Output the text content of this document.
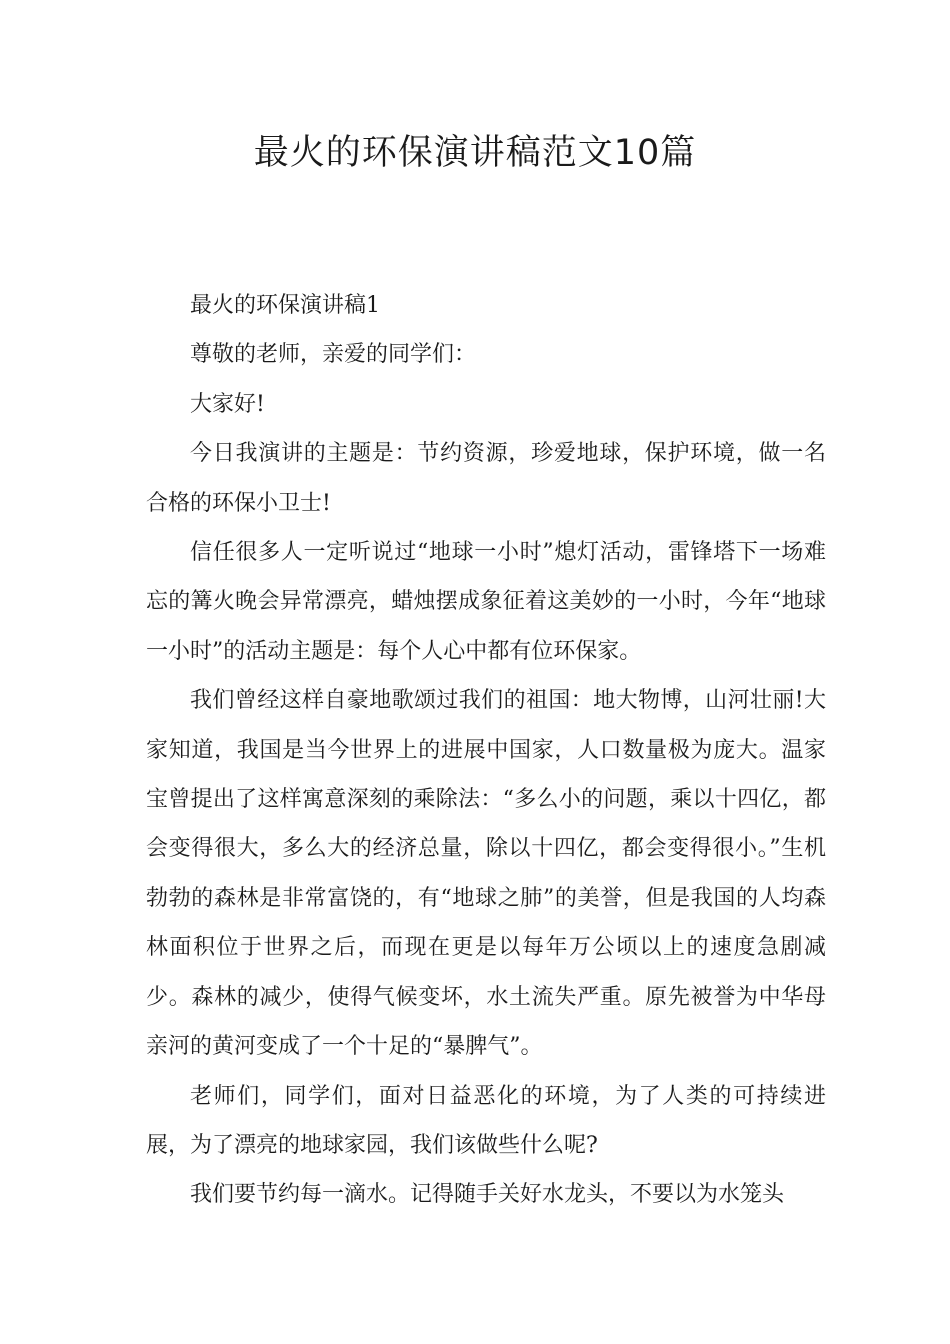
最火的环保演讲稿范文10篇

最火的环保演讲稿1

尊敬的老师，亲爱的同学们：

大家好!

今日我演讲的主题是：节约资源，珍爱地球，保护环境，做一名合格的环保小卫士!

信任很多人一定听说过“地球一小时”熄灯活动，雷锋塔下一场难忘的篝火晚会异常漂亮，蜡烛摆成象征着这美妙的一小时，今年“地球一小时”的活动主题是：每个人心中都有位环保家。

我们曾经这样自豪地歌颂过我们的祖国：地大物博，山河壮丽!大家知道，我国是当今世界上的进展中国家，人口数量极为庞大。温家宝曾提出了这样寓意深刻的乘除法：“多么小的问题，乘以十四亿，都会变得很大，多么大的经济总量，除以十四亿，都会变得很小。”生机勃勃的森林是非常富饶的，有“地球之肺”的美誉，但是我国的人均森林面积位于世界之后，而现在更是以每年万公顷以上的速度急剧减少。森林的减少，使得气候变坏，水土流失严重。原先被誉为中华母亲河的黄河变成了一个十足的“暴脾气”。

老师们，同学们，面对日益恶化的环境，为了人类的可持续进展，为了漂亮的地球家园，我们该做些什么呢?

我们要节约每一滴水。记得随手关好水龙头，不要以为水笼头
